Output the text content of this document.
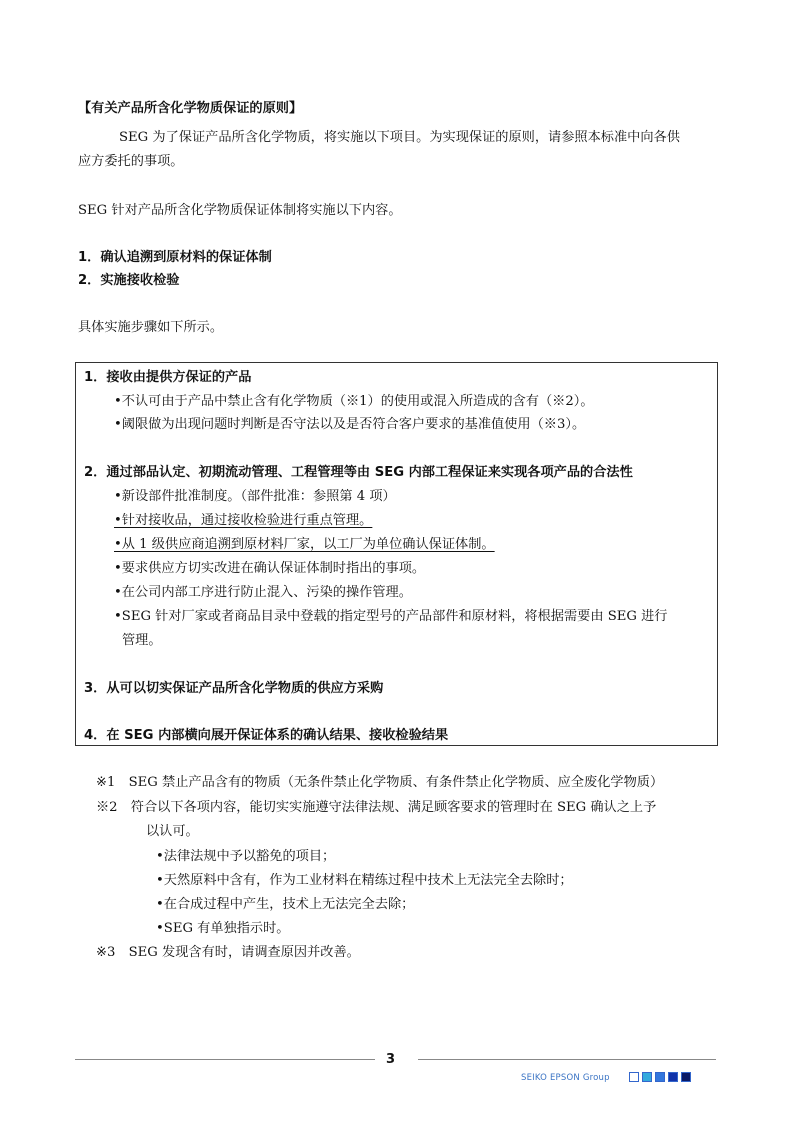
【有关产品所含化学物质保证的原则】
SEG 为了保证产品所含化学物质，将实施以下项目。为实现保证的原则，请参照本标准中向各供
应方委托的事项。
SEG 针对产品所含化学物质保证体制将实施以下内容。
1．确认追溯到原材料的保证体制
2．实施接收检验
具体实施步骤如下所示。
1．接收由提供方保证的产品
•不认可由于产品中禁止含有化学物质（※1）的使用或混入所造成的含有（※2）。
•阈限做为出现问题时判断是否守法以及是否符合客户要求的基准值使用（※3）。
2．通过部品认定、初期流动管理、工程管理等由 SEG 内部工程保证来实现各项产品的合法性
•新设部件批准制度。（部件批准：参照第 4 项）
•针对接收品，通过接收检验进行重点管理。
•从 1 级供应商追溯到原材料厂家，以工厂为单位确认保证体制。
•要求供应方切实改进在确认保证体制时指出的事项。
•在公司内部工序进行防止混入、污染的操作管理。
•SEG 针对厂家或者商品目录中登载的指定型号的产品部件和原材料，将根据需要由 SEG 进行
管理。
3．从可以切实保证产品所含化学物质的供应方采购
4．在 SEG 内部横向展开保证体系的确认结果、接收检验结果
※1　SEG 禁止产品含有的物质（无条件禁止化学物质、有条件禁止化学物质、应全废化学物质）
※2　符合以下各项内容，能切实实施遵守法律法规、满足顾客要求的管理时在 SEG 确认之上予
以认可。
•法律法规中予以豁免的项目；
•天然原料中含有，作为工业材料在精练过程中技术上无法完全去除时；
•在合成过程中产生，技术上无法完全去除；
•SEG 有单独指示时。
※3　SEG 发现含有时，请调查原因并改善。
3
SEIKO EPSON Group
